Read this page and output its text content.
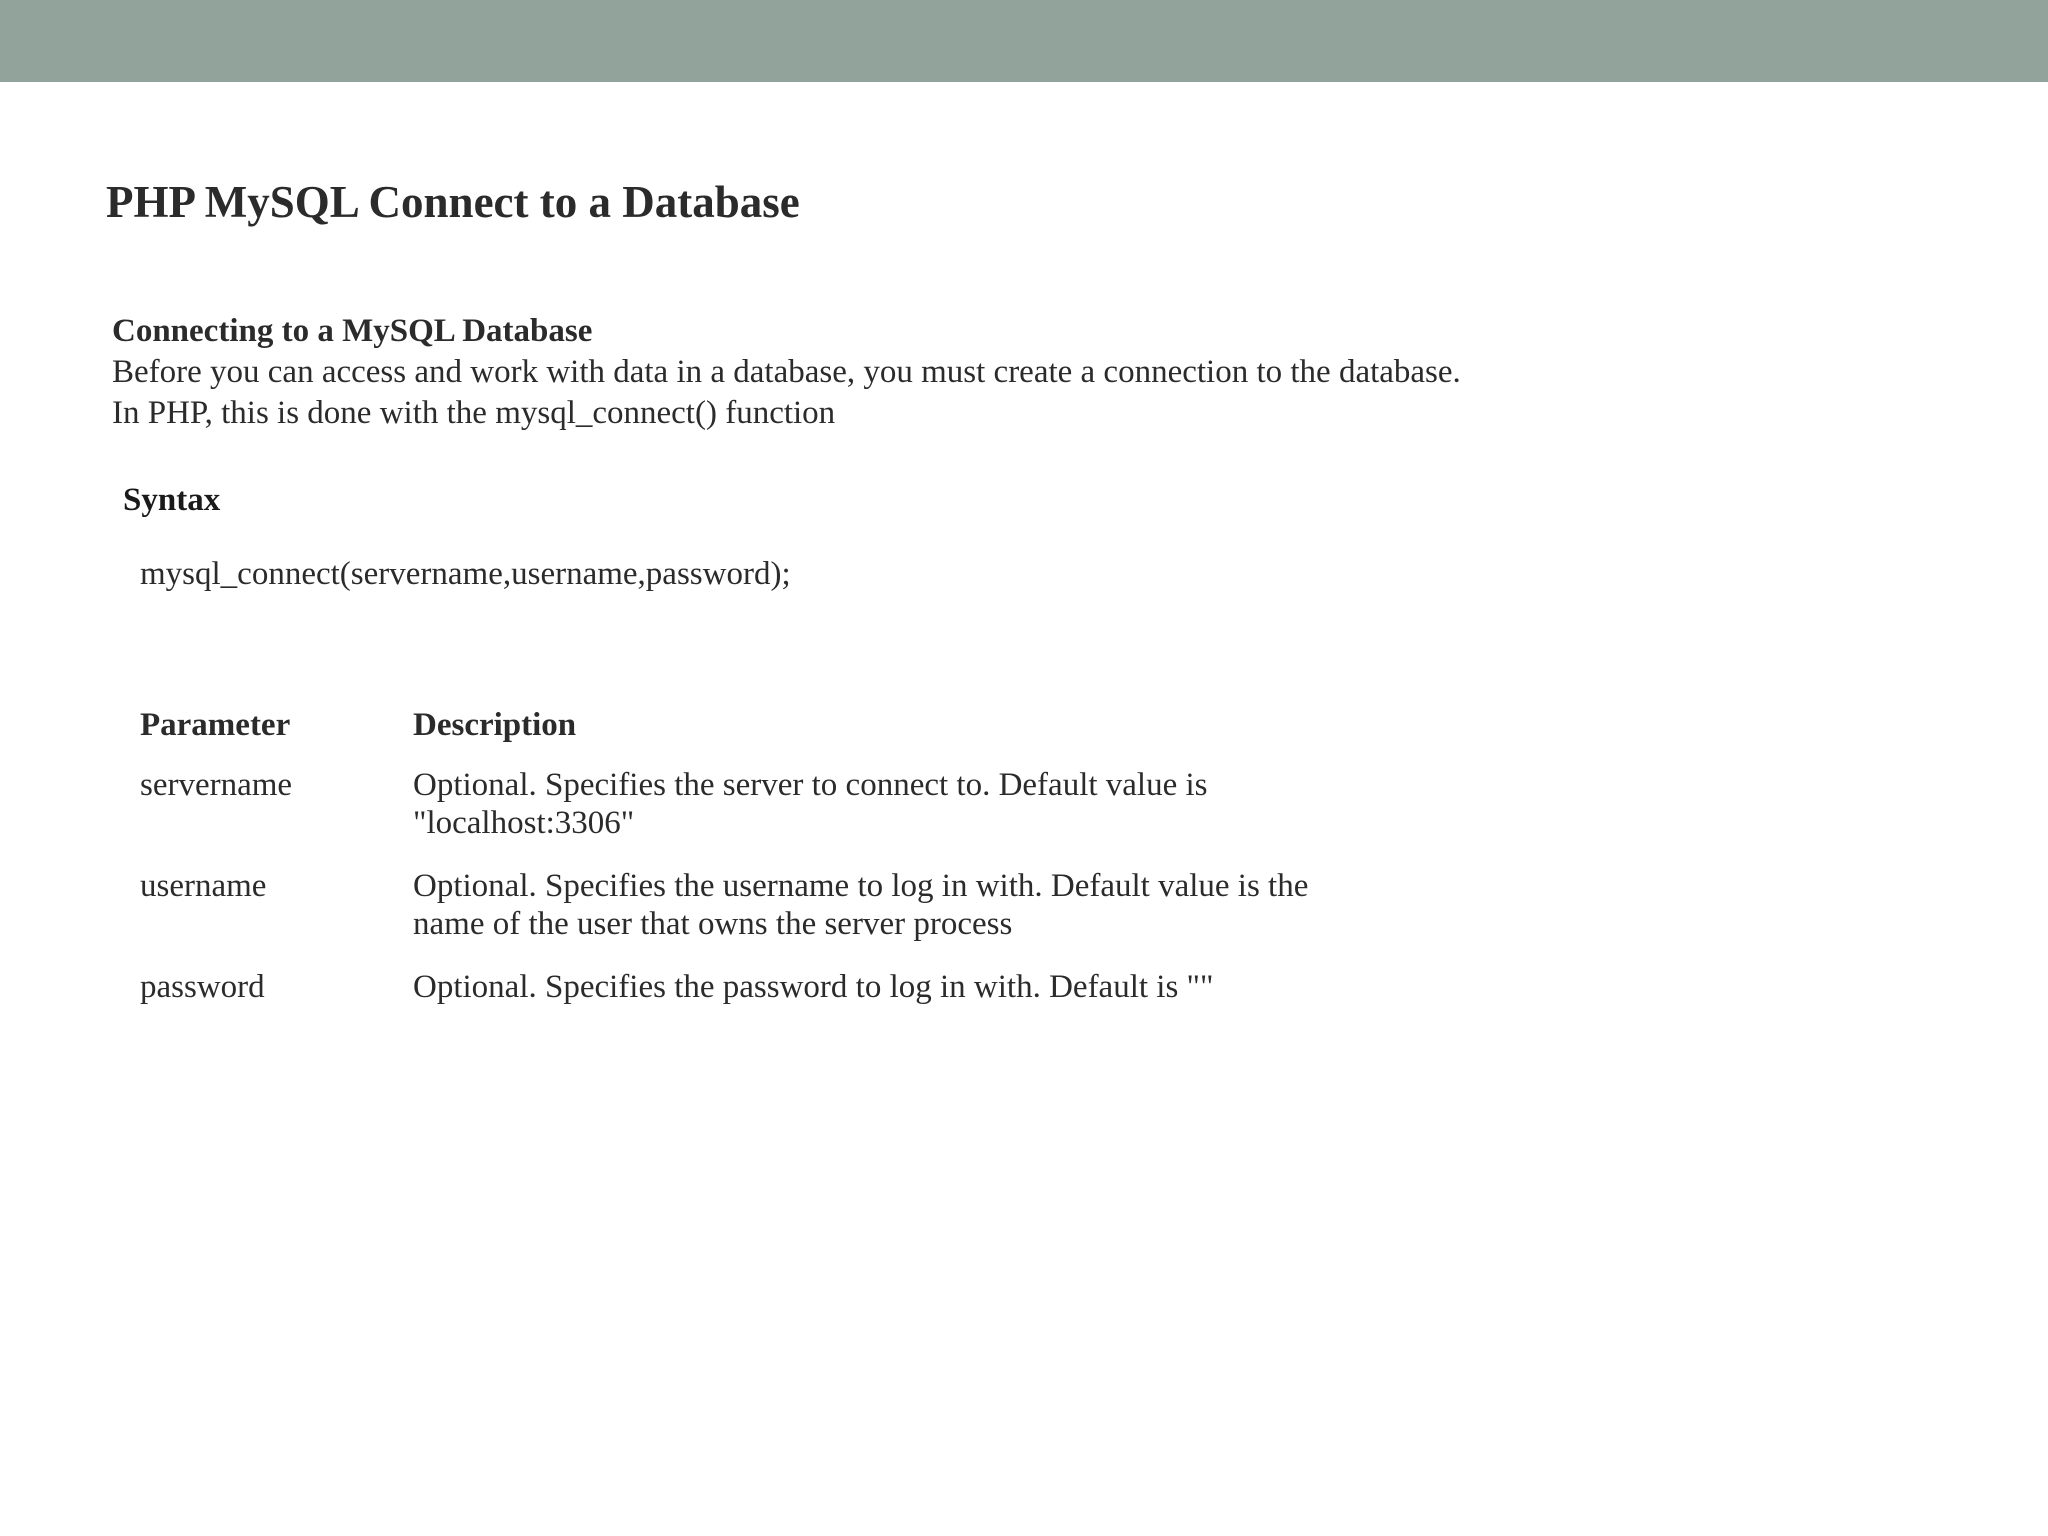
PHP MySQL Connect to a Database
Connecting to a MySQL Database
Before you can access and work with data in a database, you must create a connection to the database.
In PHP, this is done with the mysql_connect() function
Syntax
mysql_connect(servername,username,password);
Parameter	Description
servername	Optional. Specifies the server to connect to. Default value is
"localhost:3306"

username	Optional. Specifies the username to log in with. Default value is the
name of the user that owns the server process

password	Optional. Specifies the password to log in with. Default is ""
